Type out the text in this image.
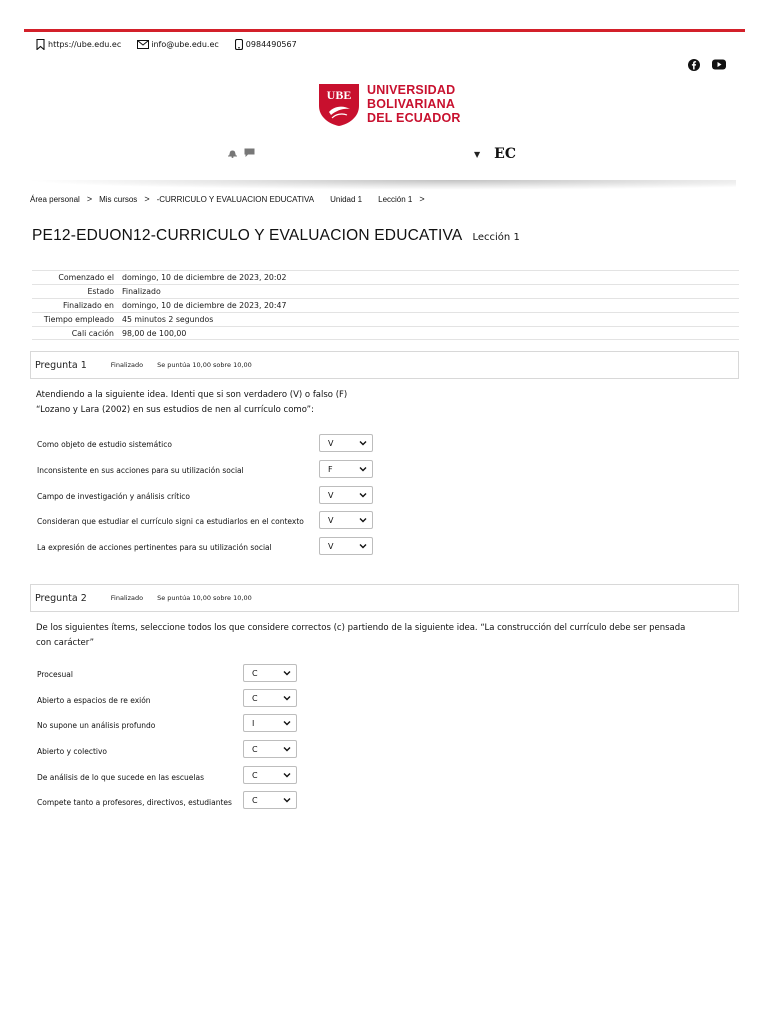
https://ube.edu.ec	info@ube.edu.ec	0984490567
UBE UNIVERSIDAD
BOLIVARIANA
DEL ECUADOR
▼ EC
Área personal > Mis cursos > -CURRICULO Y EVALUACION EDUCATIVA Unidad 1 Lección 1 >
PE12-EDUON12-CURRICULO Y EVALUACION EDUCATIVA Lección 1
Comenzado el	domingo, 10 de diciembre de 2023, 20:02
Estado	Finalizado
Finalizado en	domingo, 10 de diciembre de 2023, 20:47
Tiempo empleado	45 minutos 2 segundos
Cali cación	98,00 de 100,00
Pregunta 1	Finalizado Se puntúa 10,00 sobre 10,00
Atendiendo a la siguiente idea. Identi que si son verdadero (V) o falso (F)
“Lozano y Lara (2002) en sus estudios de nen al currículo como”:
Como objeto de estudio sistemático	V
Inconsistente en sus acciones para su utilización social	F
Campo de investigación y análisis crítico	V
Consideran que estudiar el currículo signi ca estudiarlos en el contexto	V
La expresión de acciones pertinentes para su utilización social	V
Pregunta 2	Finalizado Se puntúa 10,00 sobre 10,00
De los siguientes ítems, seleccione todos los que considere correctos (c) partiendo de la siguiente idea. “La construcción del currículo debe ser pensada
con carácter”
Procesual	C
Abierto a espacios de re exión	C
No supone un análisis profundo	I
Abierto y colectivo	C
De análisis de lo que sucede en las escuelas	C
Compete tanto a profesores, directivos, estudiantes	C
